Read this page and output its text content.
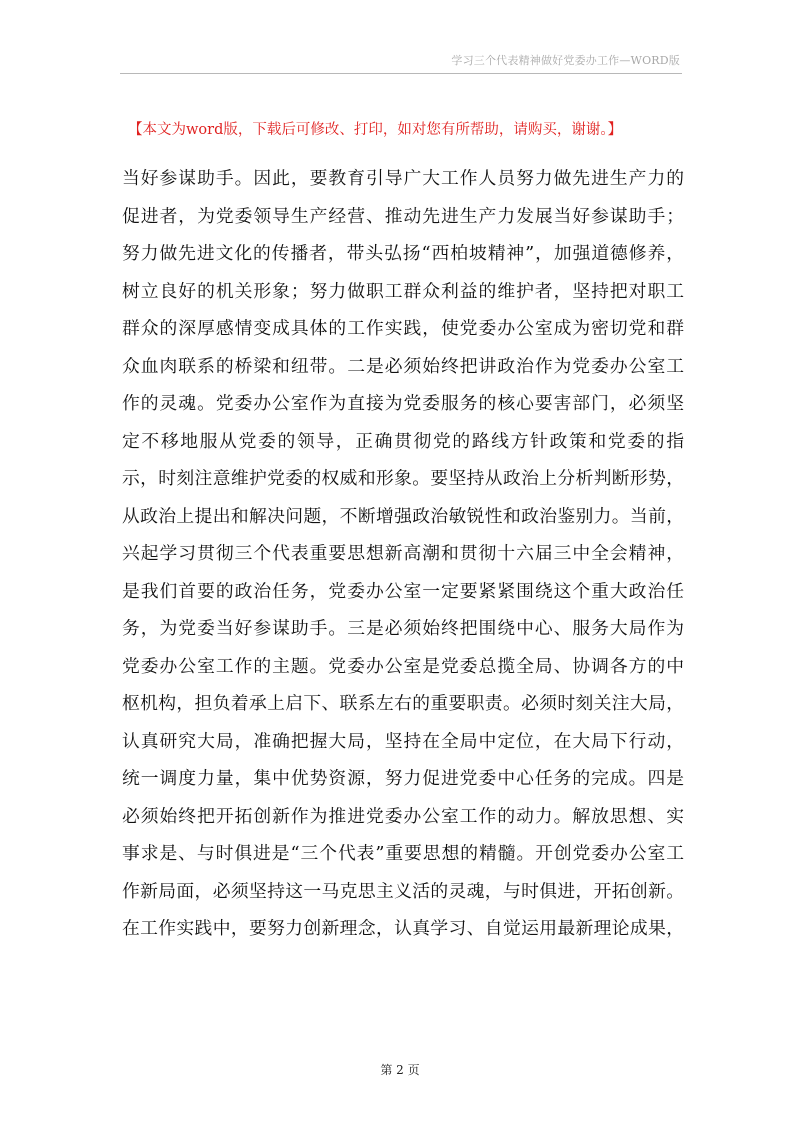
学习三个代表精神做好党委办工作—WORD版
【本文为word版，下载后可修改、打印，如对您有所帮助，请购买，谢谢。】
当好参谋助手。因此，要教育引导广大工作人员努力做先进生产力的
促进者，为党委领导生产经营、推动先进生产力发展当好参谋助手；
努力做先进文化的传播者，带头弘扬“西柏坡精神”，加强道德修养，
树立良好的机关形象；努力做职工群众利益的维护者，坚持把对职工
群众的深厚感情变成具体的工作实践，使党委办公室成为密切党和群
众血肉联系的桥梁和纽带。二是必须始终把讲政治作为党委办公室工
作的灵魂。党委办公室作为直接为党委服务的核心要害部门，必须坚
定不移地服从党委的领导，正确贯彻党的路线方针政策和党委的指
示，时刻注意维护党委的权威和形象。要坚持从政治上分析判断形势，
从政治上提出和解决问题，不断增强政治敏锐性和政治鉴别力。当前，
兴起学习贯彻三个代表重要思想新高潮和贯彻十六届三中全会精神，
是我们首要的政治任务，党委办公室一定要紧紧围绕这个重大政治任
务，为党委当好参谋助手。三是必须始终把围绕中心、服务大局作为
党委办公室工作的主题。党委办公室是党委总揽全局、协调各方的中
枢机构，担负着承上启下、联系左右的重要职责。必须时刻关注大局，
认真研究大局，准确把握大局，坚持在全局中定位，在大局下行动，
统一调度力量，集中优势资源，努力促进党委中心任务的完成。四是
必须始终把开拓创新作为推进党委办公室工作的动力。解放思想、实
事求是、与时俱进是“三个代表”重要思想的精髓。开创党委办公室工
作新局面，必须坚持这一马克思主义活的灵魂，与时俱进，开拓创新。
在工作实践中，要努力创新理念，认真学习、自觉运用最新理论成果，
第 2 页
